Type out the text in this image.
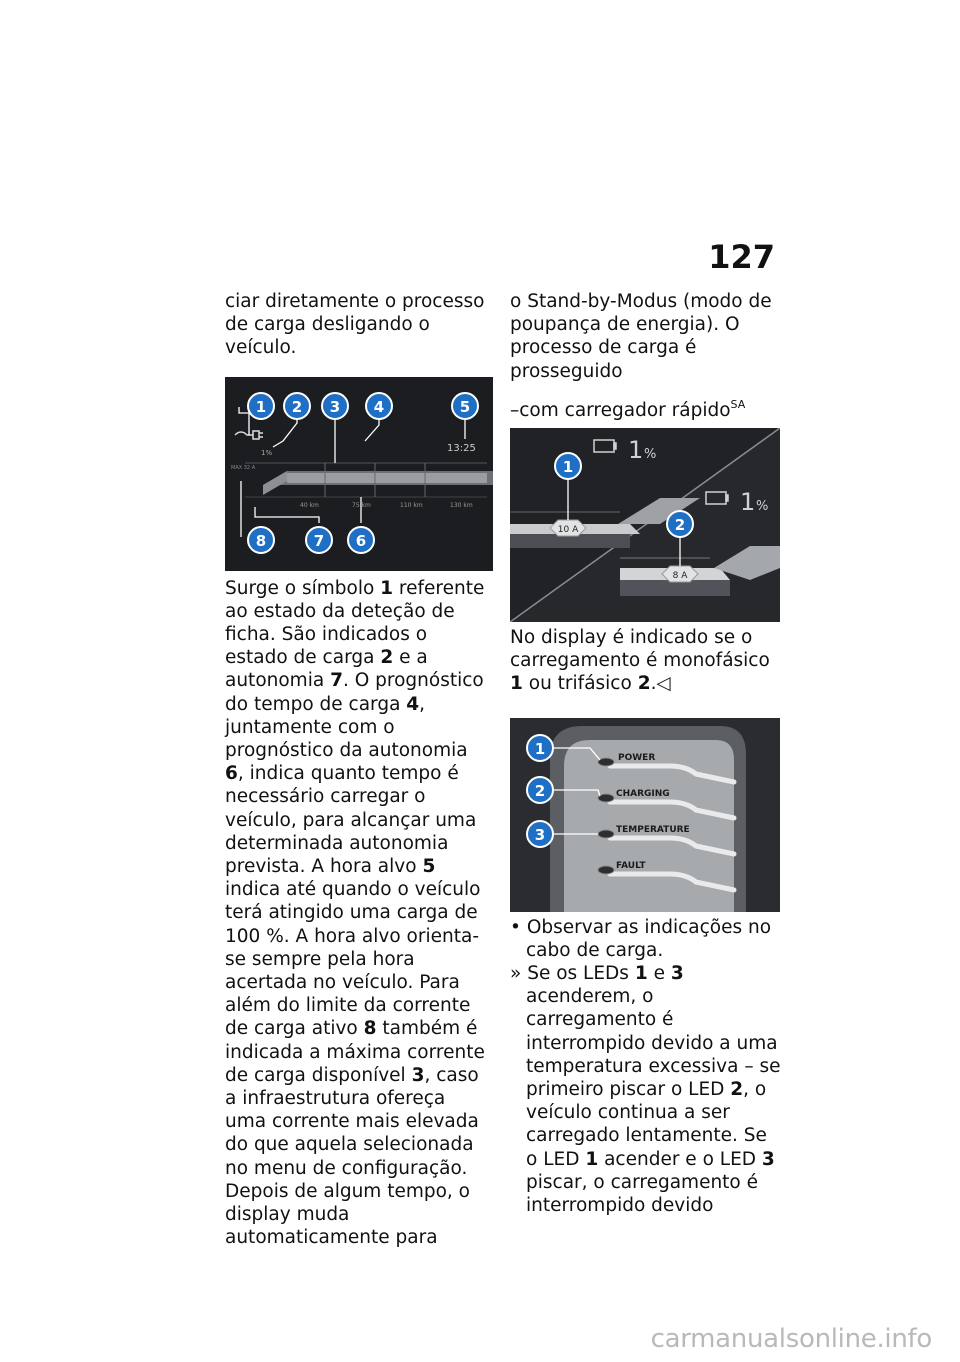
127

ciar diretamente o processo de carga desligando o veículo.

1%
MAX 32 A
13:25
40 km	75 km	110 km	130 km
1 2 3 4	5
8	7 6

Surge o símbolo 1 referente ao estado da deteção de ficha. São indicados o estado de carga 2 e a autonomia 7. O prognóstico do tempo de carga 4, juntamente com o prognóstico da autonomia 6, indica quanto tempo é necessário carregar o veículo, para alcançar uma determinada autonomia prevista. A hora alvo 5 indica até quando o veículo terá atingido uma carga de 100 %. A hora alvo orienta-se sempre pela hora acertada no veículo. Para além do limite da corrente de carga ativo 8 também é indicada a máxima corrente de carga disponível 3, caso a infraestrutura ofereça uma corrente mais elevada do que aquela selecionada no menu de configuração. Depois de algum tempo, o display muda automaticamente para

o Stand-by-Modus (modo de poupança de energia). O processo de carga é prosseguido

–com carregador rápido$^{SA}$

1 %
1 %
10 A
8 A
1
2

No display é indicado se o carregamento é monofásico 1 ou trifásico 2.◁

POWER
CHARGING
TEMPERATURE
FAULT
1
2
3

• Observar as indicações no cabo de carga.

» Se os LEDs 1 e 3 acenderem, o carregamento é interrompido devido a uma temperatura excessiva – se primeiro piscar o LED 2, o veículo continua a ser carregado lentamente. Se o LED 1 acender e o LED 3 piscar, o carregamento é interrompido devido

carmanualsonline.info
